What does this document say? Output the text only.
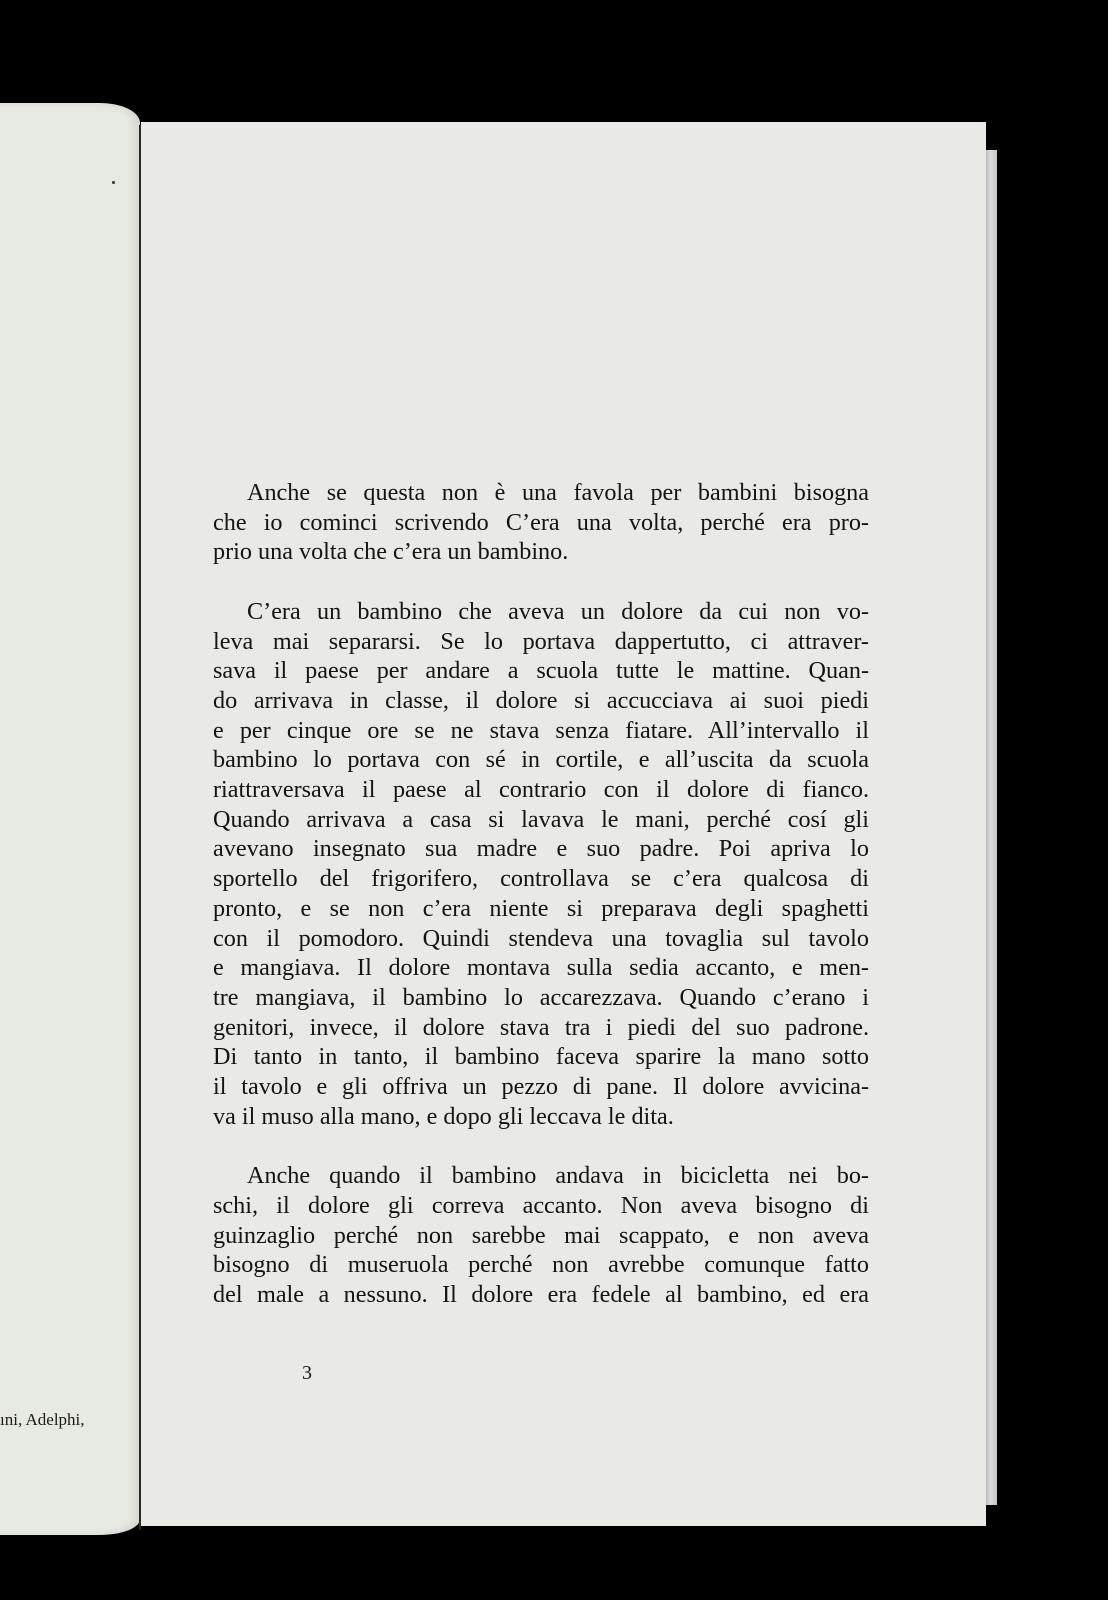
ıni, Adelphi,
Anche se questa non è una favola per bambini bisogna
che io cominci scrivendo C’era una volta, perché era pro-
prio una volta che c’era un bambino.
C’era un bambino che aveva un dolore da cui non vo-
leva mai separarsi. Se lo portava dappertutto, ci attraver-
sava il paese per andare a scuola tutte le mattine. Quan-
do arrivava in classe, il dolore si accucciava ai suoi piedi
e per cinque ore se ne stava senza fiatare. All’intervallo il
bambino lo portava con sé in cortile, e all’uscita da scuola
riattraversava il paese al contrario con il dolore di fianco.
Quando arrivava a casa si lavava le mani, perché cosí gli
avevano insegnato sua madre e suo padre. Poi apriva lo
sportello del frigorifero, controllava se c’era qualcosa di
pronto, e se non c’era niente si preparava degli spaghetti
con il pomodoro. Quindi stendeva una tovaglia sul tavolo
e mangiava. Il dolore montava sulla sedia accanto, e men-
tre mangiava, il bambino lo accarezzava. Quando c’erano i
genitori, invece, il dolore stava tra i piedi del suo padrone.
Di tanto in tanto, il bambino faceva sparire la mano sotto
il tavolo e gli offriva un pezzo di pane. Il dolore avvicina-
va il muso alla mano, e dopo gli leccava le dita.
Anche quando il bambino andava in bicicletta nei bo-
schi, il dolore gli correva accanto. Non aveva bisogno di
guinzaglio perché non sarebbe mai scappato, e non aveva
bisogno di museruola perché non avrebbe comunque fatto
del male a nessuno. Il dolore era fedele al bambino, ed era
3
